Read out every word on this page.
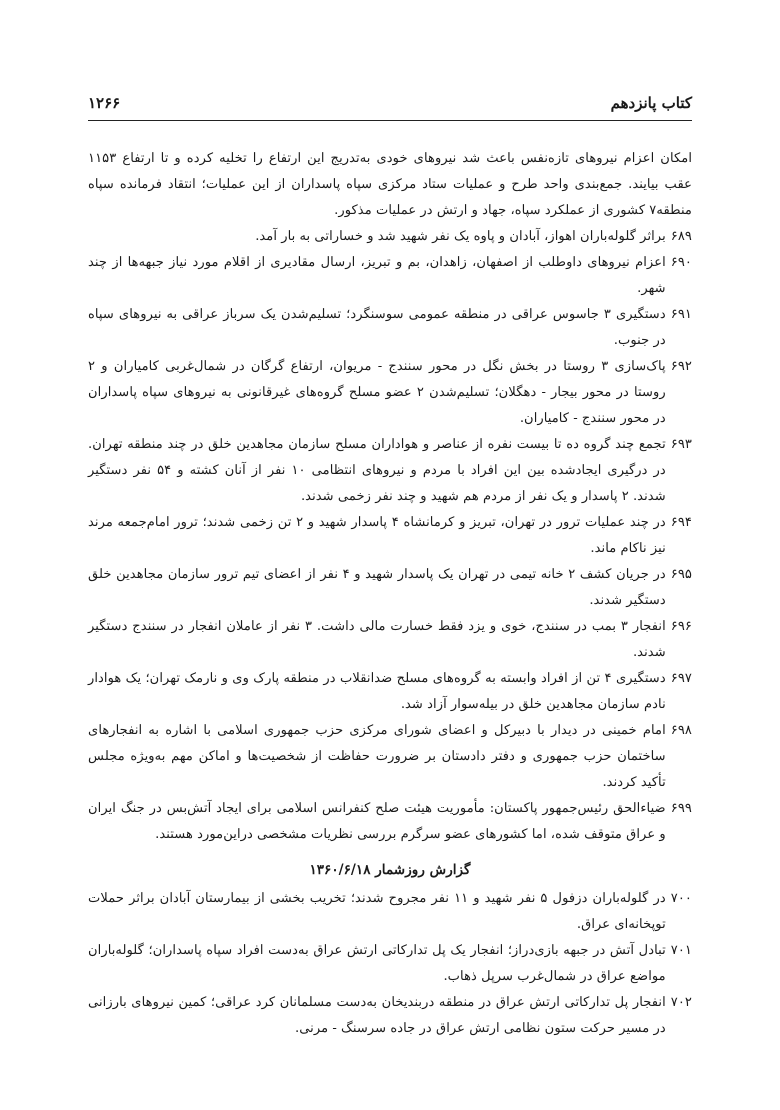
کتاب پانزدهم
۱۲۶۶

امکان اعزام نیروهای تازه‌نفس باعث شد نیروهای خودی به‌تدریج این ارتفاع را تخلیه کرده و تا ارتفاع ۱۱۵۳ عقب بیایند. جمع‌بندی واحد طرح و عملیات ستاد مرکزی سپاه پاسداران از این عملیات؛ انتقاد فرمانده سپاه منطقه۷ کشوری از عملکرد سپاه، جهاد و ارتش در عملیات مذکور.

۶۸۹
براثر گلوله‌باران اهواز، آبادان و پاوه یک نفر شهید شد و خساراتی به بار آمد.
۶۹۰
اعزام نیروهای داوطلب از اصفهان، زاهدان، بم و تبریز، ارسال مقادیری از اقلام مورد نیاز جبهه‌ها از چند شهر.
۶۹۱
دستگیری ۳ جاسوس عراقی در منطقه عمومی سوسنگرد؛ تسلیم‌شدن یک سرباز عراقی به نیروهای سپاه در جنوب.
۶۹۲
پاک‌سازی ۳ روستا در بخش نگل در محور سنندج - مریوان، ارتفاع گرگان در شمال‌غربی کامیاران و ۲ روستا در محور بیجار - دهگلان؛ تسلیم‌شدن ۲ عضو مسلح گروه‌های غیرقانونی به نیروهای سپاه پاسداران در محور سنندج - کامیاران.
۶۹۳
تجمع چند گروه ده تا بیست نفره از عناصر و هواداران مسلح سازمان مجاهدین خلق در چند منطقه تهران. در درگیری ایجادشده بین این افراد با مردم و نیروهای انتظامی ۱۰ نفر از آنان کشته و ۵۴ نفر دستگیر شدند. ۲ پاسدار و یک نفر از مردم هم شهید و چند نفر زخمی شدند.
۶۹۴
در چند عملیات ترور در تهران، تبریز و کرمانشاه ۴ پاسدار شهید و ۲ تن زخمی شدند؛ ترور امام‌جمعه مرند نیز ناکام ماند.
۶۹۵
در جریان کشف ۲ خانه تیمی در تهران یک پاسدار شهید و ۴ نفر از اعضای تیم ترور سازمان مجاهدین خلق دستگیر شدند.
۶۹۶
انفجار ۳ بمب در سنندج، خوی و یزد فقط خسارت مالی داشت. ۳ نفر از عاملان انفجار در سنندج دستگیر شدند.
۶۹۷
دستگیری ۴ تن از افراد وابسته به گروه‌های مسلح ضدانقلاب در منطقه پارک وی و نارمک تهران؛ یک هوادار نادم سازمان مجاهدین خلق در بیله‌سوار آزاد شد.
۶۹۸
امام خمینی در دیدار با دبیرکل و اعضای شورای مرکزی حزب جمهوری اسلامی با اشاره به انفجارهای ساختمان حزب جمهوری و دفتر دادستان بر ضرورت حفاظت از شخصیت‌ها و اماکن مهم به‌ویژه مجلس تأکید کردند.
۶۹۹
ضیاءالحق رئیس‌جمهور پاکستان: مأموریت هیئت صلح کنفرانس اسلامی برای ایجاد آتش‌بس در جنگ ایران و عراق متوقف شده، اما کشورهای عضو سرگرم بررسی نظریات مشخصی دراین‌مورد هستند.
گزارش روزشمار ۱۳۶۰/۶/۱۸
۷۰۰
در گلوله‌باران دزفول ۵ نفر شهید و ۱۱ نفر مجروح شدند؛ تخریب بخشی از بیمارستان آبادان براثر حملات توپخانه‌ای عراق.
۷۰۱
تبادل آتش در جبهه بازی‌دراز؛ انفجار یک پل تدارکاتی ارتش عراق به‌دست افراد سپاه پاسداران؛ گلوله‌باران مواضع عراق در شمال‌غرب سرپل ذهاب.
۷۰۲
انفجار پل تدارکاتی ارتش عراق در منطقه دربندیخان به‌دست مسلمانان کرد عراقی؛ کمین نیروهای بارزانی در مسیر حرکت ستون نظامی ارتش عراق در جاده سرسنگ - مرنی.
